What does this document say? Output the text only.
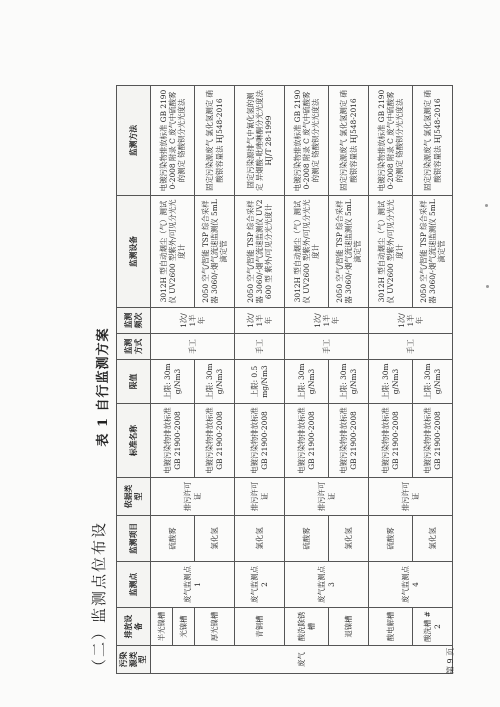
（二）监测点位布设
表 1 自行监测方案
污染源类型	排放设备	监测点	监测项目	依据类型	标准名称	限值	监测方式	监测频次	监测设备	监测方法
废气	半光镍槽	废气监测点 1	硫酸雾	排污许可证	电镀污染物排放标准 GB 21900-2008	上限: 30mg/Nm3	手工	1次/1半年	3012H 型自动烟尘（气）测试仪 UV2600 型紫外/可见分光光度计	电镀污染物排放标准 GB 21900-2008 附录 C 废气中硫酸雾的测定 铬酸钡分光光度法
	光镍槽									
	厚光镍槽		氯化氢		电镀污染物排放标准 GB 21900-2008	上限: 30mg/Nm3			2050 空气/智能 TSP 综合采样器 3060/-烟气流速监测仪 5mL 滴定管	固定污染源废气 氯化氢测定 硝酸银容量法 HJ548-2016
	青铜槽	废气监测点 2	氯化氢	排污许可证	电镀污染物排放标准 GB 21900-2008	上限: 0.5mg/Nm3	手工	1次/1半年	2050 空气/智能 TSP 综合采样器 3060/-烟气流速监测仪 UV2600 型 紫外/可见分光光度计	固定污染源排气中氰化氢的测定 异烟酸-吡唑啉酮分光光度法 HJ/T 28-1999
	酸洗除锈槽	废气监测点 3	硫酸雾	排污许可证	电镀污染物排放标准 GB 21900-2008	上限: 30mg/Nm3	手工	1次/1半年	3012H 型自动烟尘（气）测试仪 UV2600 型紫外/可见分光光度计	电镀污染物排放标准 GB 21900-2008 附录 C 废气中硫酸雾的测定 铬酸钡分光光度法
	退镍槽		氯化氢		电镀污染物排放标准 GB 21900-2008	上限: 30mg/Nm3			2050 空气/智能 TSP 综合采样器 3060/-烟气流速监测仪 5mL 滴定管	固定污染源废气 氯化氢测定 硝酸银容量法 HJ548-2016
	酸电解槽	废气监测点 4	硫酸雾	排污许可证	电镀污染物排放标准 GB 21900-2008	上限: 30mg/Nm3	手工	1次/1半年	3012H 型自动烟尘（气）测试仪 UV2600 型紫外/可见分光光度计	电镀污染物排放标准 GB 21900-2008 附录 C 废气中硫酸雾的测定 铬酸钡分光光度法
	酸洗槽 #2		氯化氢		电镀污染物排放标准 GB 21900-2008	上限: 30mg/Nm3			2050 空气/智能 TSP 综合采样器 3060/-烟气流速监测仪 5mL 滴定管	固定污染源废气 氯化氢测定 硝酸银容量法 HJ548-2016
第 9 页
